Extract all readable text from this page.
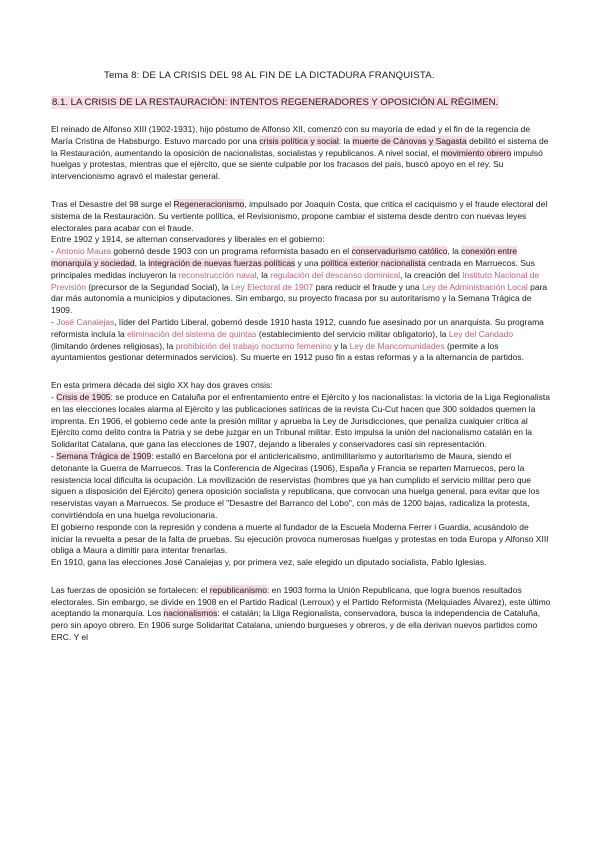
Tema 8: DE LA CRISIS DEL 98 AL FIN DE LA DICTADURA FRANQUISTA.
8.1. LA CRISIS DE LA RESTAURACIÓN: INTENTOS REGENERADORES Y OPOSICIÓN AL RÉGIMEN.

El reinado de Alfonso XIII (1902-1931), hijo póstumo de Alfonso XII, comenzó con su mayoría de edad y el fin de la regencia de María Cristina de Habsburgo. Estuvo marcado por una crisis política y social: la muerte de Cánovas y Sagasta debilitó el sistema de la Restauración, aumentando la oposición de nacionalistas, socialistas y republicanos. A nivel social, el movimiento obrero impulsó huelgas y protestas, mientras que el ejército, que se siente culpable por los fracasos del país, buscó apoyo en el rey. Su intervencionismo agravó el malestar general.

Tras el Desastre del 98 surge el Regeneracionismo, impulsado por Joaquín Costa, que critica el caciquismo y el fraude electoral del sistema de la Restauración. Su vertiente política, el Revisionismo, propone cambiar el sistema desde dentro con nuevas leyes electorales para acabar con el fraude.

Entre 1902 y 1914, se alternan conservadores y liberales en el gobierno:

- Antonio Maura gobernó desde 1903 con un programa reformista basado en el conservadurismo católico, la conexión entre monarquía y sociedad, la integración de nuevas fuerzas políticas y una política exterior nacionalista centrada en Marruecos. Sus principales medidas incluyeron la reconstrucción naval, la regulación del descanso dominical, la creación del Instituto Nacional de Previsión (precursor de la Seguridad Social), la Ley Electoral de 1907 para reducir el fraude y una Ley de Administración Local para dar más autonomía a municipios y diputaciones. Sin embargo, su proyecto fracasa por su autoritarismo y la Semana Trágica de 1909.

- José Canalejas, líder del Partido Liberal, gobernó desde 1910 hasta 1912, cuando fue asesinado por un anarquista. Su programa reformista incluía la eliminación del sistema de quintas (establecimiento del servicio militar obligatorio), la Ley del Candado (limitando órdenes religiosas), la prohibición del trabajo nocturno femenino y la Ley de Mancomunidades (permite a los ayuntamientos gestionar determinados servicios). Su muerte en 1912 puso fin a estas reformas y a la alternancia de partidos.

En esta primera década del siglo XX hay dos graves crisis:

- Crisis de 1905: se produce en Cataluña por el enfrentamiento entre el Ejército y los nacionalistas: la victoria de la Liga Regionalista en las elecciones locales alarma al Ejército y las publicaciones satíricas de la revista Cu-Cut hacen que 300 soldados quemen la imprenta. En 1906, el gobierno cede ante la presión militar y aprueba la Ley de Jurisdicciones, que penaliza cualquier crítica al Ejército como delito contra la Patria y se debe juzgar en un Tribunal militar. Esto impulsa la unión del nacionalismo catalán en la Solidaritat Catalana, que gana las elecciones de 1907, dejando a liberales y conservadores casi sin representación.

- Semana Trágica de 1909: estalló en Barcelona por el anticlericalismo, antimilitarismo y autoritarismo de Maura, siendo el detonante la Guerra de Marruecos. Tras la Conferencia de Algeciras (1906), España y Francia se reparten Marruecos, pero la resistencia local dificulta la ocupación. La movilización de reservistas (hombres que ya han cumplido el servicio militar pero que siguen a disposición del Ejército) genera oposición socialista y republicana, que convocan una huelga general, para evitar que los reservistas vayan a Marruecos. Se produce el "Desastre del Barranco del Lobo", con más de 1200 bajas, radicaliza la protesta, convirtiéndola en una huelga revolucionaria.

El gobierno responde con la represión y condena a muerte al fundador de la Escuela Moderna Ferrer i Guardia, acusándolo de iniciar la revuelta a pesar de la falta de pruebas. Su ejecución provoca numerosas huelgas y protestas en toda Europa y Alfonso XIII obliga a Maura a dimitir para intentar frenarlas.

En 1910, gana las elecciones José Canalejas y, por primera vez, sale elegido un diputado socialista, Pablo Iglesias.

Las fuerzas de oposición se fortalecen: el republicanismo: en 1903 forma la Unión Republicana, que logra buenos resultados electorales. Sin embargo, se divide en 1908 en el Partido Radical (Lerroux) y el Partido Reformista (Melquiades Álvarez), este último aceptando la monarquía. Los nacionalismos: el catalán; la Lliga Regionalista, conservadora, busca la independencia de Cataluña, pero sin apoyo obrero. En 1906 surge Solidaritat Catalana, uniendo burgueses y obreros, y de ella derivan nuevos partidos como ERC. Y el
